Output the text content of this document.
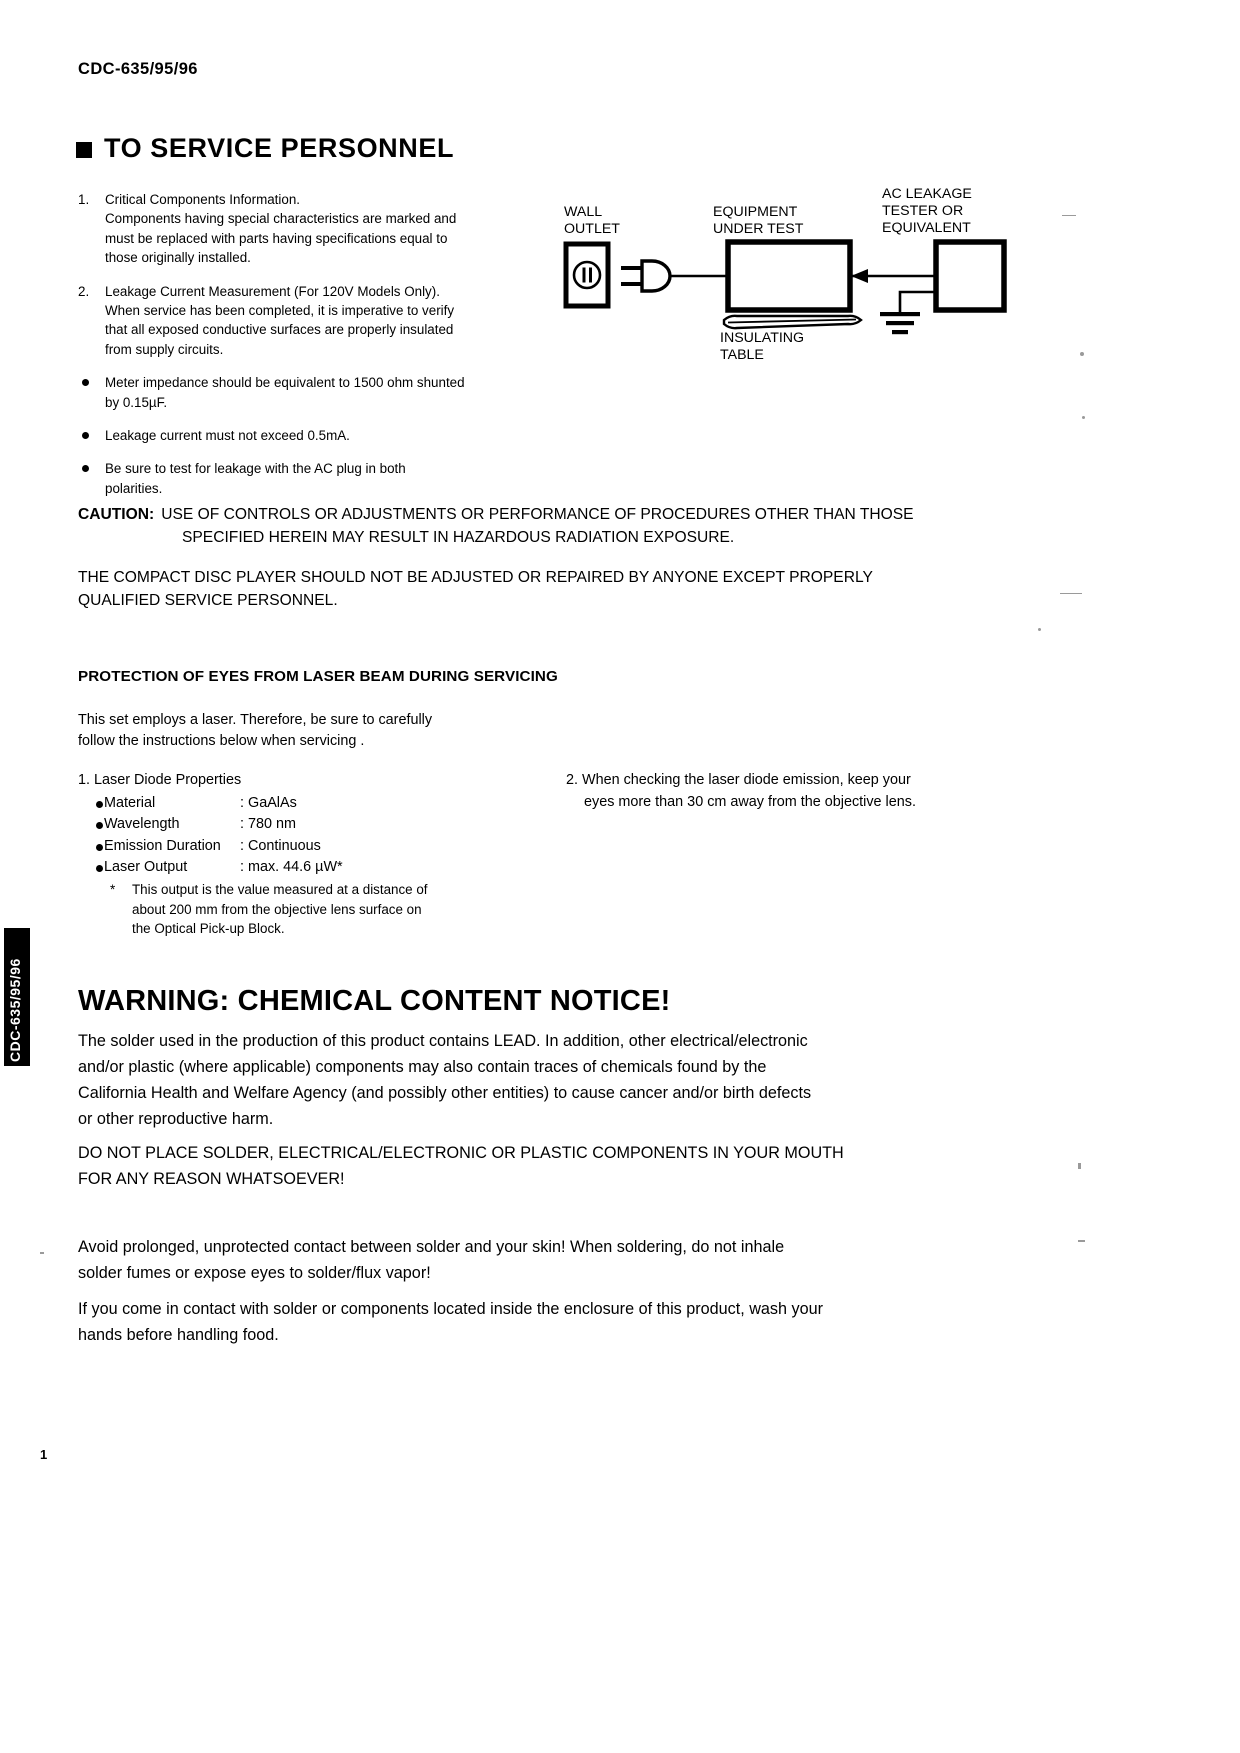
CDC-635/95/96
TO SERVICE PERSONNEL
1. Critical Components Information.
Components having special characteristics are marked and
must be replaced with parts having specifications equal to
those originally installed.
2. Leakage Current Measurement (For 120V Models Only).
When service has been completed, it is imperative to verify
that all exposed conductive surfaces are properly insulated
from supply circuits.
Meter impedance should be equivalent to 1500 ohm shunted
by 0.15µF.
Leakage current must not exceed 0.5mA.
Be sure to test for leakage with the AC plug in both
polarities.
WALL
OUTLET
EQUIPMENT
UNDER TEST
AC LEAKAGE
TESTER OR
EQUIVALENT
INSULATING
TABLE
CAUTION: USE OF CONTROLS OR ADJUSTMENTS OR PERFORMANCE OF PROCEDURES OTHER THAN THOSE
SPECIFIED HEREIN MAY RESULT IN HAZARDOUS RADIATION EXPOSURE.
THE COMPACT DISC PLAYER SHOULD NOT BE ADJUSTED OR REPAIRED BY ANYONE EXCEPT PROPERLY
QUALIFIED SERVICE PERSONNEL.
PROTECTION OF EYES FROM LASER BEAM DURING SERVICING
This set employs a laser. Therefore, be sure to carefully
follow the instructions below when servicing .
1. Laser Diode Properties
Material	: GaAlAs
Wavelength	: 780 nm
Emission Duration	: Continuous
Laser Output	: max. 44.6 µW*
* This output is the value measured at a distance of
about 200 mm from the objective lens surface on
the Optical Pick-up Block.
2. When checking the laser diode emission, keep your
eyes more than 30 cm away from the objective lens.
WARNING: CHEMICAL CONTENT NOTICE!
The solder used in the production of this product contains LEAD. In addition, other electrical/electronic
and/or plastic (where applicable) components may also contain traces of chemicals found by the
California Health and Welfare Agency (and possibly other entities) to cause cancer and/or birth defects
or other reproductive harm.
DO NOT PLACE SOLDER, ELECTRICAL/ELECTRONIC OR PLASTIC COMPONENTS IN YOUR MOUTH
FOR ANY REASON WHATSOEVER!
Avoid prolonged, unprotected contact between solder and your skin! When soldering, do not inhale
solder fumes or expose eyes to solder/flux vapor!
If you come in contact with solder or components located inside the enclosure of this product, wash your
hands before handling food.
CDC-635/95/96
1
